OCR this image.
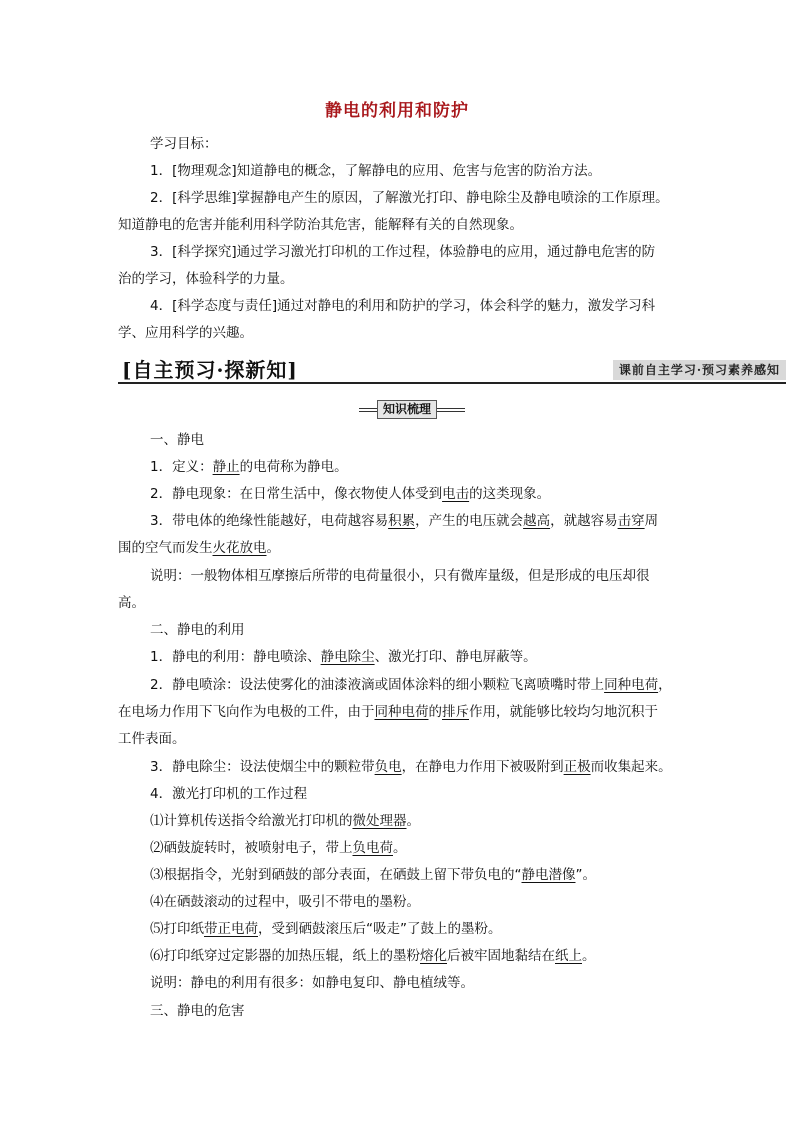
静电的利用和防护
学习目标：
1．[物理观念]知道静电的概念，了解静电的应用、危害与危害的防治方法。
2．[科学思维]掌握静电产生的原因，了解激光打印、静电除尘及静电喷涂的工作原理。
知道静电的危害并能利用科学防治其危害，能解释有关的自然现象。
3．[科学探究]通过学习激光打印机的工作过程，体验静电的应用，通过静电危害的防
治的学习，体验科学的力量。
4．[科学态度与责任]通过对静电的利用和防护的学习，体会科学的魅力，激发学习科
学、应用科学的兴趣。
[自主预习·探新知]	课前自主学习·预习素养感知
知识梳理
一、静电
1．定义：静止的电荷称为静电。
2．静电现象：在日常生活中，像衣物使人体受到电击的这类现象。
3．带电体的绝缘性能越好，电荷越容易积累，产生的电压就会越高，就越容易击穿周
围的空气而发生火花放电。
说明：一般物体相互摩擦后所带的电荷量很小，只有微库量级，但是形成的电压却很
高。
二、静电的利用
1．静电的利用：静电喷涂、静电除尘、激光打印、静电屏蔽等。
2．静电喷涂：设法使雾化的油漆液滴或固体涂料的细小颗粒飞离喷嘴时带上同种电荷，
在电场力作用下飞向作为电极的工件，由于同种电荷的排斥作用，就能够比较均匀地沉积于
工件表面。
3．静电除尘：设法使烟尘中的颗粒带负电，在静电力作用下被吸附到正极而收集起来。
4．激光打印机的工作过程
⑴计算机传送指令给激光打印机的微处理器。
⑵硒鼓旋转时，被喷射电子，带上负电荷。
⑶根据指令，光射到硒鼓的部分表面，在硒鼓上留下带负电的“静电潜像”。
⑷在硒鼓滚动的过程中，吸引不带电的墨粉。
⑸打印纸带正电荷，受到硒鼓滚压后“吸走”了鼓上的墨粉。
⑹打印纸穿过定影器的加热压辊，纸上的墨粉熔化后被牢固地黏结在纸上。
说明：静电的利用有很多：如静电复印、静电植绒等。
三、静电的危害
